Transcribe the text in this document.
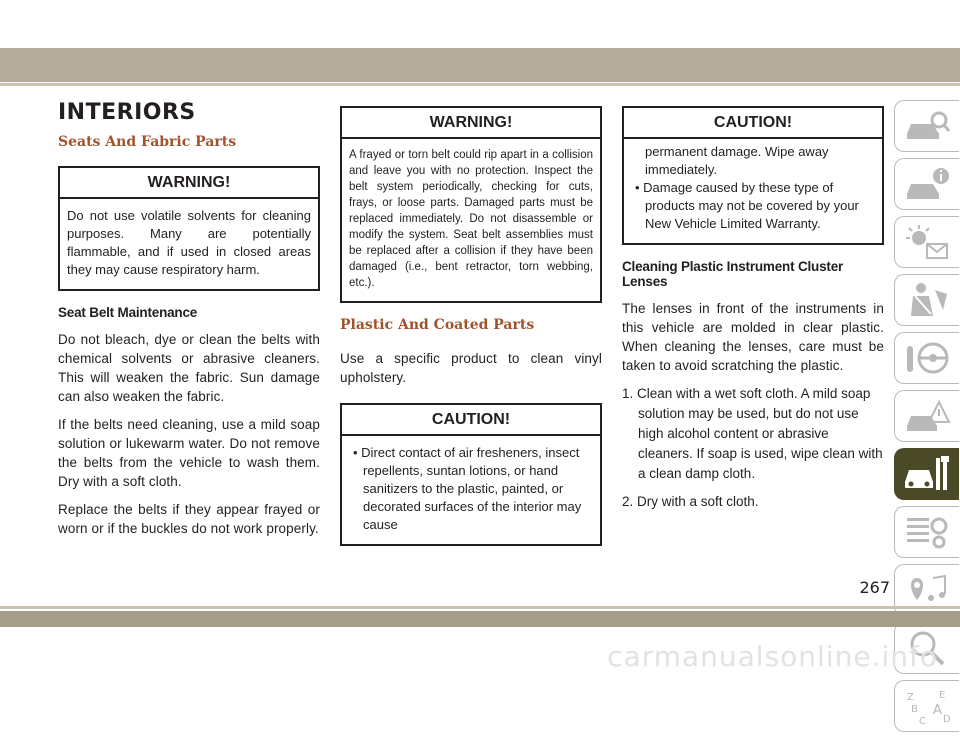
INTERIORS
Seats And Fabric Parts
WARNING!
Do not use volatile solvents for cleaning purposes. Many are potentially flammable, and if used in closed areas they may cause respiratory harm.
Seat Belt Maintenance

Do not bleach, dye or clean the belts with chemical solvents or abrasive cleaners. This will weaken the fabric. Sun damage can also weaken the fabric.

If the belts need cleaning, use a mild soap solution or lukewarm water. Do not remove the belts from the vehicle to wash them. Dry with a soft cloth.

Replace the belts if they appear frayed or worn or if the buckles do not work properly.

WARNING!
A frayed or torn belt could rip apart in a collision and leave you with no protection. Inspect the belt system periodically, checking for cuts, frays, or loose parts. Damaged parts must be replaced immediately. Do not disassemble or modify the system. Seat belt assemblies must be replaced after a collision if they have been damaged (i.e., bent retractor, torn webbing, etc.).
Plastic And Coated Parts

Use a specific product to clean vinyl upholstery.

CAUTION!

• Direct contact of air fresheners, insect repellents, suntan lotions, or hand sanitizers to the plastic, painted, or decorated surfaces of the interior may cause

CAUTION!

permanent damage. Wipe away immediately.

• Damage caused by these type of products may not be covered by your New Vehicle Limited Warranty.

Cleaning Plastic Instrument Cluster Lenses

The lenses in front of the instruments in this vehicle are molded in clear plastic. When cleaning the lenses, care must be taken to avoid scratching the plastic.

1. Clean with a wet soft cloth. A mild soap solution may be used, but do not use high alcohol content or abrasive cleaners. If soap is used, wipe clean with a clean damp cloth.

2. Dry with a soft cloth.

Z	E
B A
C D
267
carmanualsonline.info
